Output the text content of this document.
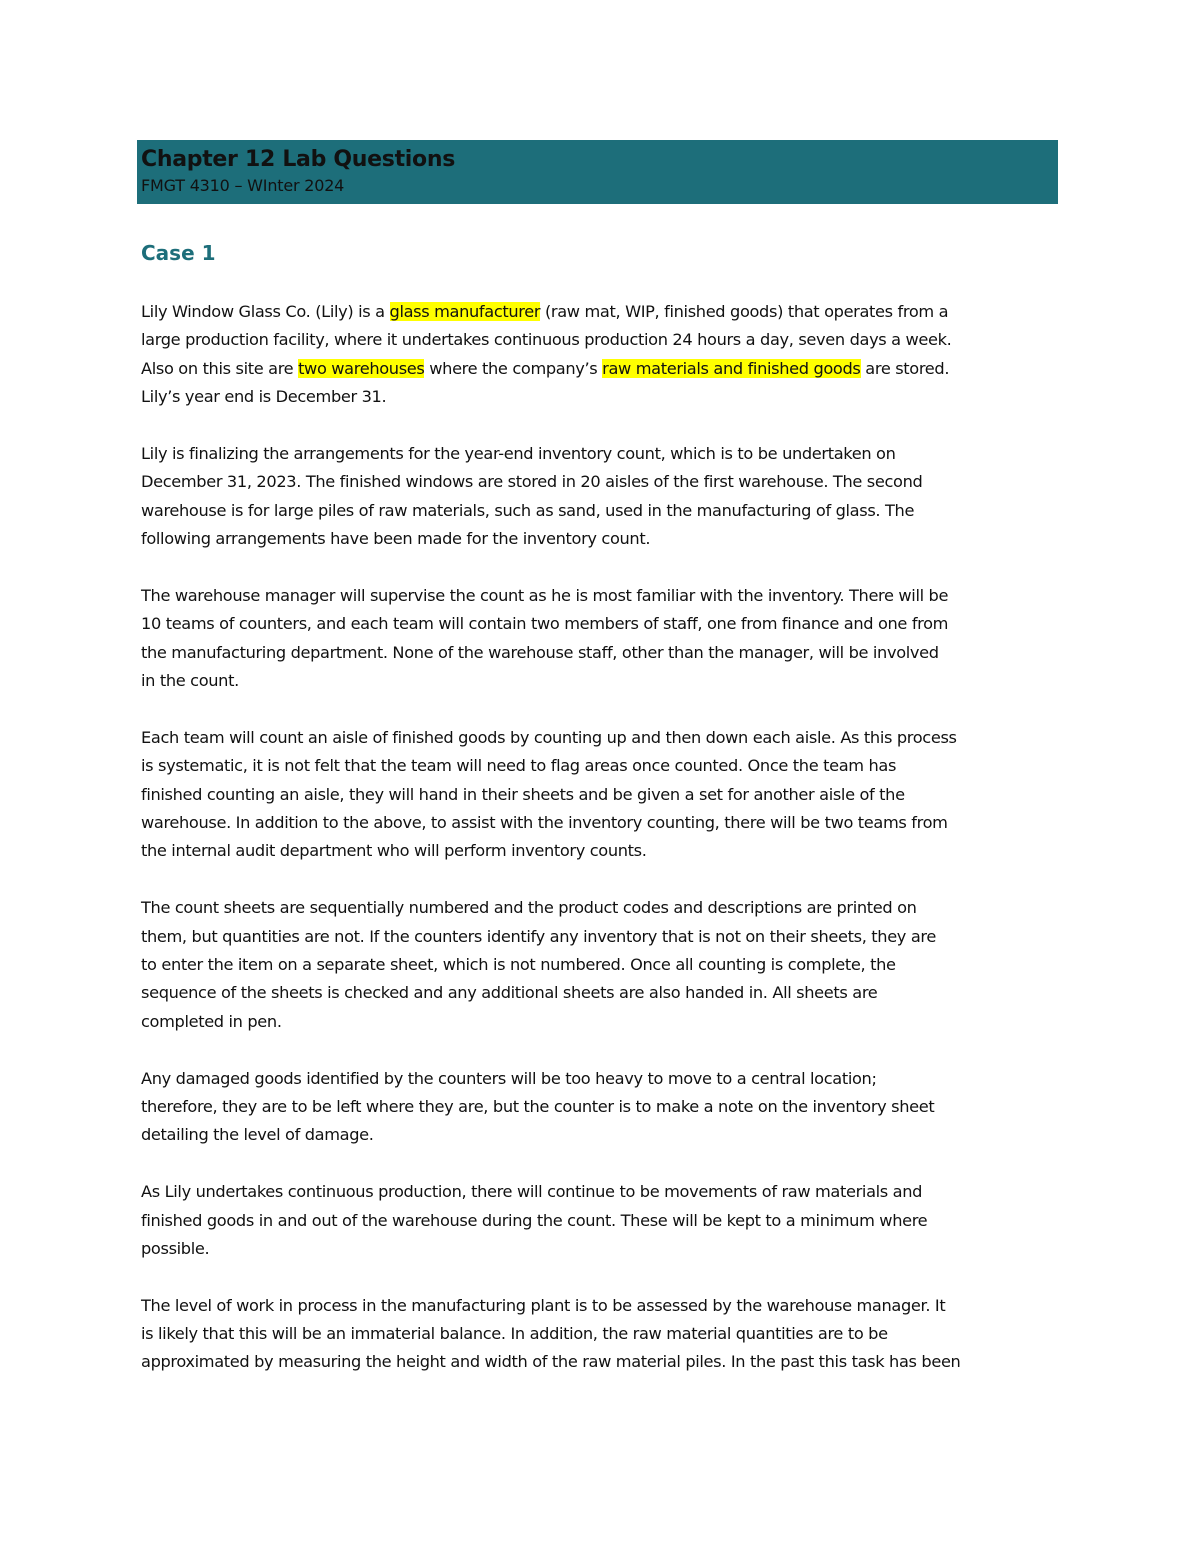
Chapter 12 Lab Questions
FMGT 4310 – WInter 2024
Case 1
Lily Window Glass Co. (Lily) is a glass manufacturer (raw mat, WIP, finished goods) that operates from a
large production facility, where it undertakes continuous production 24 hours a day, seven days a week.
Also on this site are two warehouses where the company’s raw materials and finished goods are stored.
Lily’s year end is December 31.
Lily is finalizing the arrangements for the year-end inventory count, which is to be undertaken on
December 31, 2023. The finished windows are stored in 20 aisles of the first warehouse. The second
warehouse is for large piles of raw materials, such as sand, used in the manufacturing of glass. The
following arrangements have been made for the inventory count.
The warehouse manager will supervise the count as he is most familiar with the inventory. There will be
10 teams of counters, and each team will contain two members of staff, one from finance and one from
the manufacturing department. None of the warehouse staff, other than the manager, will be involved
in the count.
Each team will count an aisle of finished goods by counting up and then down each aisle. As this process
is systematic, it is not felt that the team will need to flag areas once counted. Once the team has
finished counting an aisle, they will hand in their sheets and be given a set for another aisle of the
warehouse. In addition to the above, to assist with the inventory counting, there will be two teams from
the internal audit department who will perform inventory counts.
The count sheets are sequentially numbered and the product codes and descriptions are printed on
them, but quantities are not. If the counters identify any inventory that is not on their sheets, they are
to enter the item on a separate sheet, which is not numbered. Once all counting is complete, the
sequence of the sheets is checked and any additional sheets are also handed in. All sheets are
completed in pen.
Any damaged goods identified by the counters will be too heavy to move to a central location;
therefore, they are to be left where they are, but the counter is to make a note on the inventory sheet
detailing the level of damage.
As Lily undertakes continuous production, there will continue to be movements of raw materials and
finished goods in and out of the warehouse during the count. These will be kept to a minimum where
possible.
The level of work in process in the manufacturing plant is to be assessed by the warehouse manager. It
is likely that this will be an immaterial balance. In addition, the raw material quantities are to be
approximated by measuring the height and width of the raw material piles. In the past this task has been
